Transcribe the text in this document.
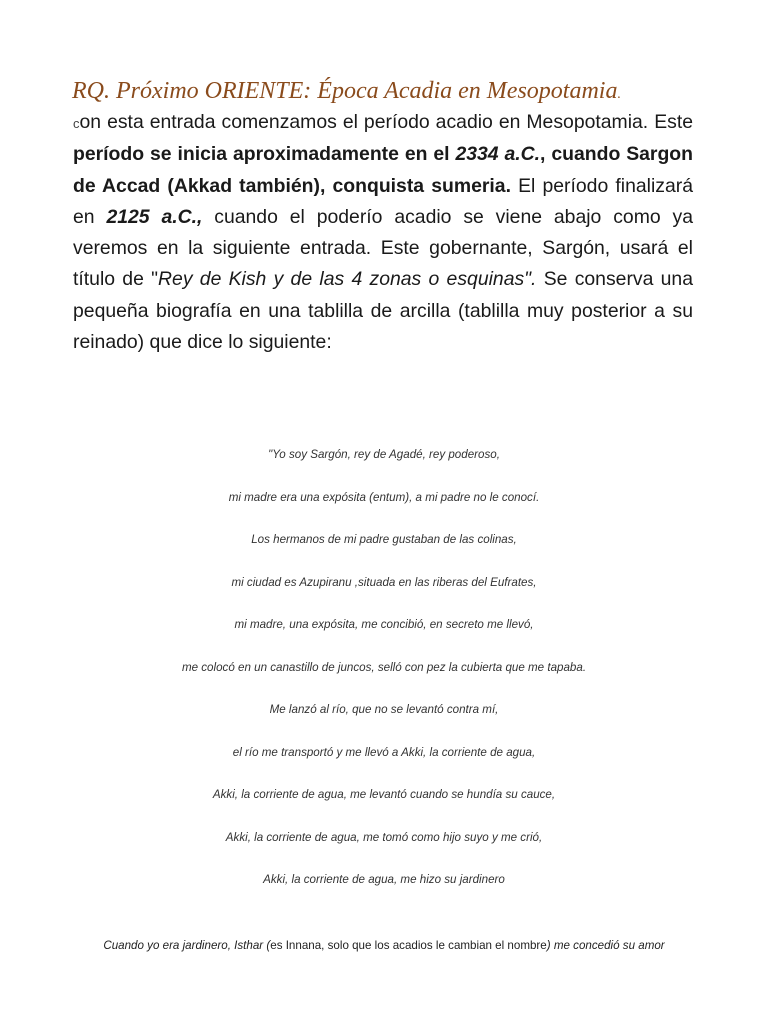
RQ. Próximo ORIENTE: Época Acadia en Mesopotamia.

con esta entrada comenzamos el período acadio en Mesopotamia. Este período se inicia aproximadamente en el 2334 a.C., cuando Sargon de Accad (Akkad también), conquista sumeria. El período finalizará en 2125 a.C., cuando el poderío acadio se viene abajo como ya veremos en la siguiente entrada. Este gobernante, Sargón, usará el título de "Rey de Kish y de las 4 zonas o esquinas". Se conserva una pequeña biografía en una tablilla de arcilla (tablilla muy posterior a su reinado) que dice lo siguiente:

"Yo soy Sargón, rey de Agadé, rey poderoso,
mi madre era una expósita (entum), a mi padre no le conocí.
Los hermanos de mi padre gustaban de las colinas,
mi ciudad es Azupiranu ,situada en las riberas del Eufrates,
mi madre, una expósita, me concibió, en secreto me llevó,
me colocó en un canastillo de juncos, selló con pez la cubierta que me tapaba.
Me lanzó al río, que no se levantó contra mí,
el río me transportó y me llevó a Akki, la corriente de agua,
Akki, la corriente de agua, me levantó cuando se hundía su cauce,
Akki, la corriente de agua, me tomó como hijo suyo y me crió,
Akki, la corriente de agua, me hizo su jardinero

Cuando yo era jardinero, Isthar (es Innana, solo que los acadios le cambian el nombre) me concedió su amor
